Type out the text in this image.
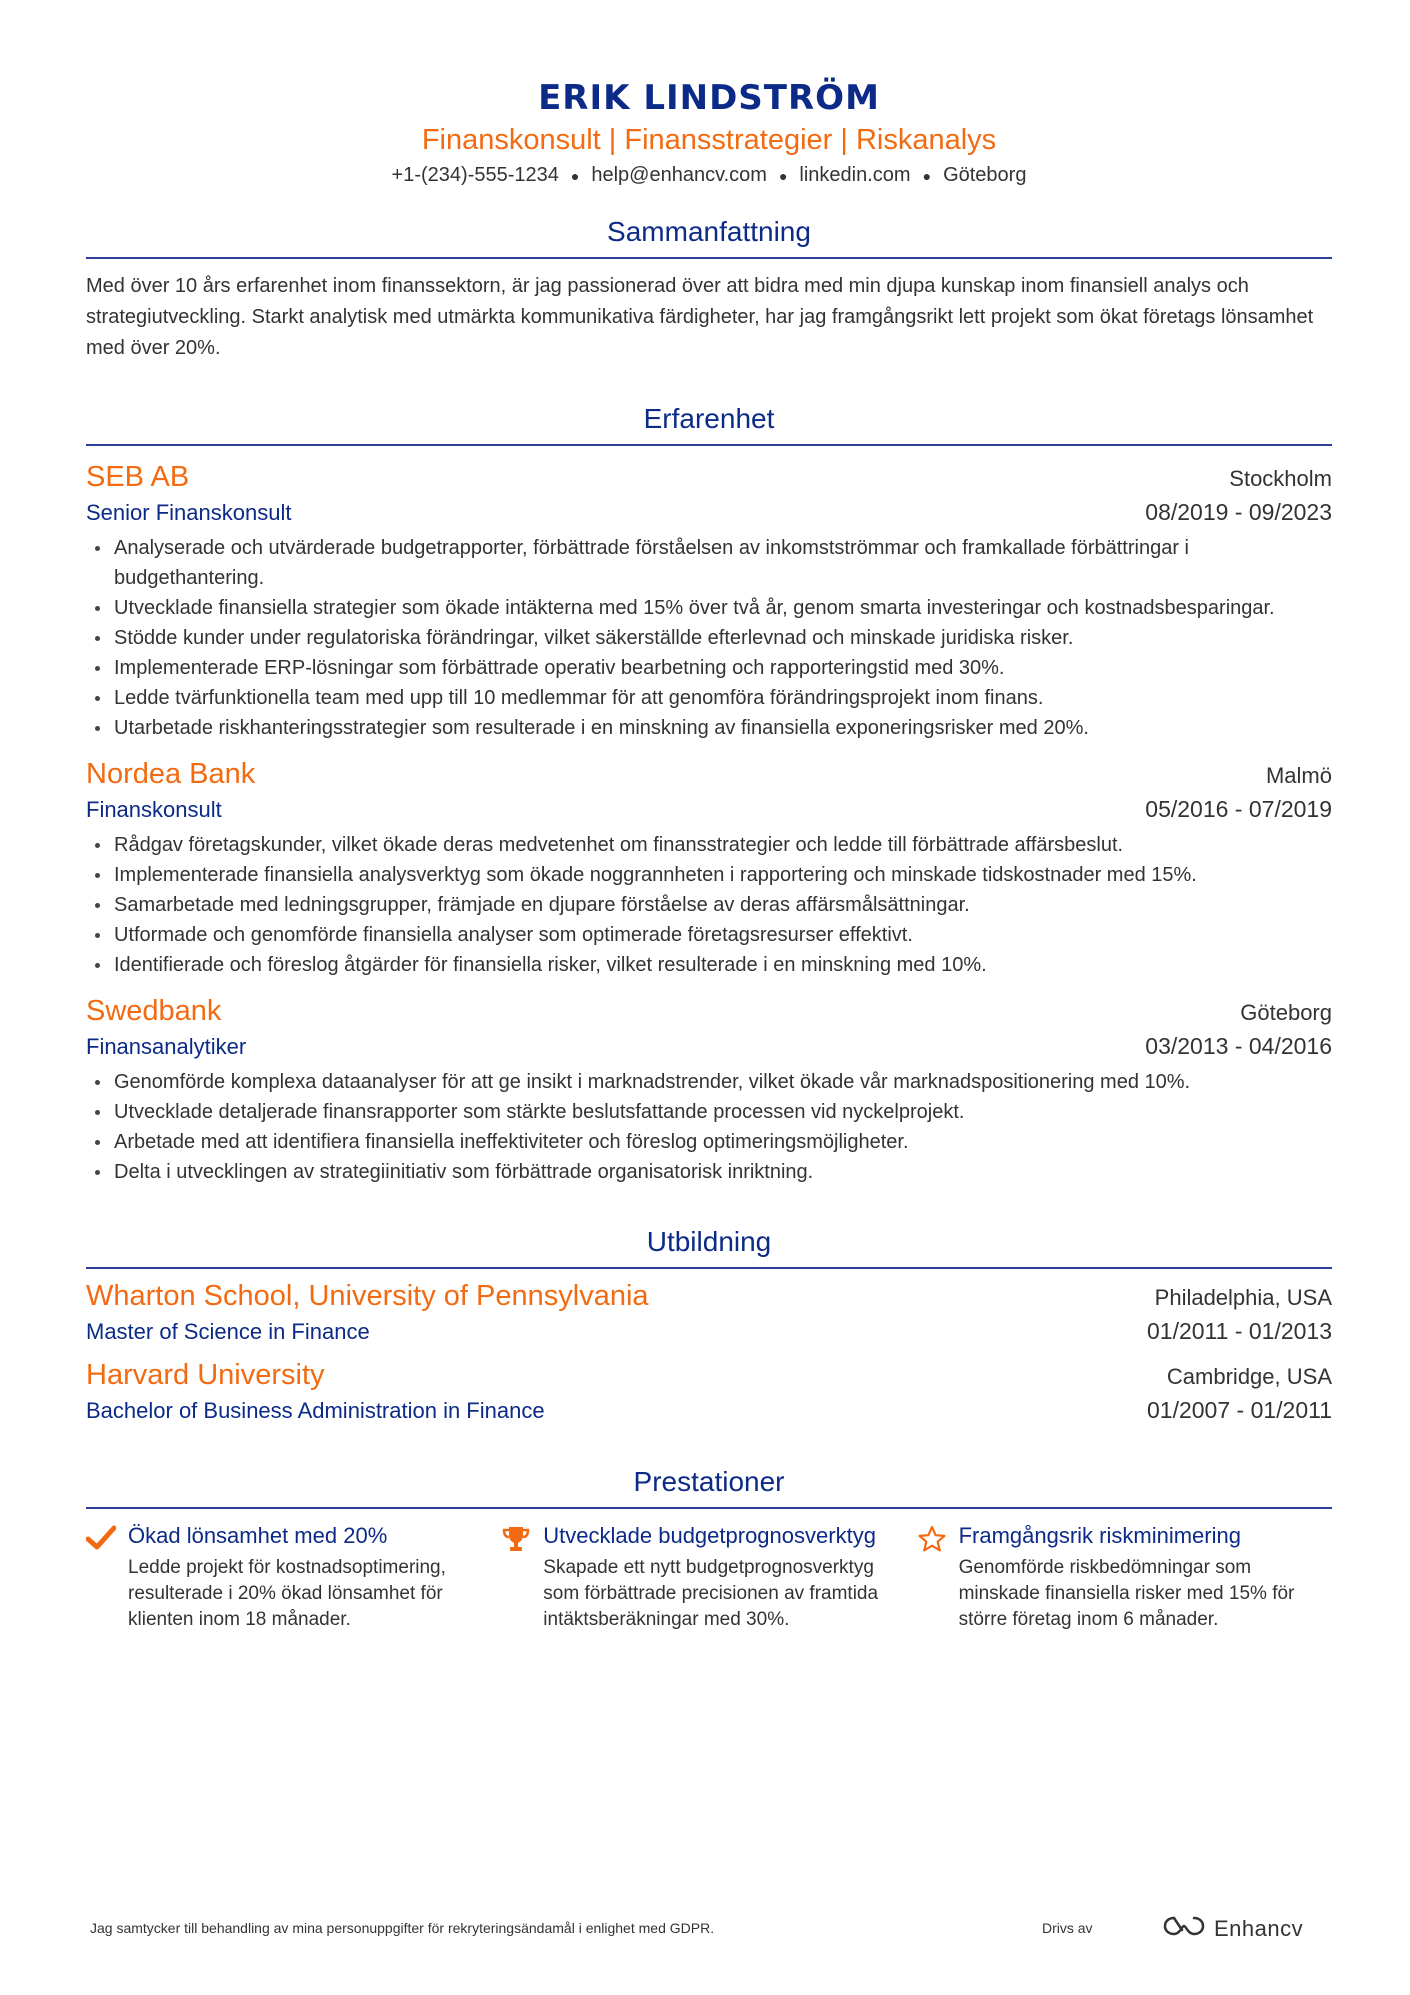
ERIK LINDSTRÖM
Finanskonsult | Finansstrategier | Riskanalys
+1-(234)-555-1234 ● help@enhancv.com ● linkedin.com ● Göteborg
Sammanfattning

Med över 10 års erfarenhet inom finanssektorn, är jag passionerad över att bidra med min djupa kunskap inom finansiell analys och strategiutveckling. Starkt analytisk med utmärkta kommunikativa färdigheter, har jag framgångsrikt lett projekt som ökat företags lönsamhet med över 20%.

Erfarenhet
SEB AB	Stockholm
Senior Finanskonsult	08/2019 - 09/2023
Analyserade och utvärderade budgetrapporter, förbättrade förståelsen av inkomstströmmar och framkallade förbättringar i budgethantering.
Utvecklade finansiella strategier som ökade intäkterna med 15% över två år, genom smarta investeringar och kostnadsbesparingar.
Stödde kunder under regulatoriska förändringar, vilket säkerställde efterlevnad och minskade juridiska risker.
Implementerade ERP-lösningar som förbättrade operativ bearbetning och rapporteringstid med 30%.
Ledde tvärfunktionella team med upp till 10 medlemmar för att genomföra förändringsprojekt inom finans.
Utarbetade riskhanteringsstrategier som resulterade i en minskning av finansiella exponeringsrisker med 20%.
Nordea Bank	Malmö
Finanskonsult	05/2016 - 07/2019
Rådgav företagskunder, vilket ökade deras medvetenhet om finansstrategier och ledde till förbättrade affärsbeslut.
Implementerade finansiella analysverktyg som ökade noggrannheten i rapportering och minskade tidskostnader med 15%.
Samarbetade med ledningsgrupper, främjade en djupare förståelse av deras affärsmålsättningar.
Utformade och genomförde finansiella analyser som optimerade företagsresurser effektivt.
Identifierade och föreslog åtgärder för finansiella risker, vilket resulterade i en minskning med 10%.
Swedbank	Göteborg
Finansanalytiker	03/2013 - 04/2016
Genomförde komplexa dataanalyser för att ge insikt i marknadstrender, vilket ökade vår marknadspositionering med 10%.
Utvecklade detaljerade finansrapporter som stärkte beslutsfattande processen vid nyckelprojekt.
Arbetade med att identifiera finansiella ineffektiviteter och föreslog optimeringsmöjligheter.
Delta i utvecklingen av strategiinitiativ som förbättrade organisatorisk inriktning.
Utbildning
Wharton School, University of Pennsylvania	Philadelphia, USA
Master of Science in Finance	01/2011 - 01/2013
Harvard University	Cambridge, USA
Bachelor of Business Administration in Finance	01/2007 - 01/2011
Prestationer
Ökad lönsamhet med 20%
Ledde projekt för kostnadsoptimering, resulterade i 20% ökad lönsamhet för klienten inom 18 månader.
Utvecklade budgetprognosverktyg
Skapade ett nytt budgetprognosverktyg som förbättrade precisionen av framtida intäktsberäkningar med 30%.
Framgångsrik riskminimering
Genomförde riskbedömningar som minskade finansiella risker med 15% för större företag inom 6 månader.
Jag samtycker till behandling av mina personuppgifter för rekryteringsändamål i enlighet med GDPR.	Drivs av	Enhancv
